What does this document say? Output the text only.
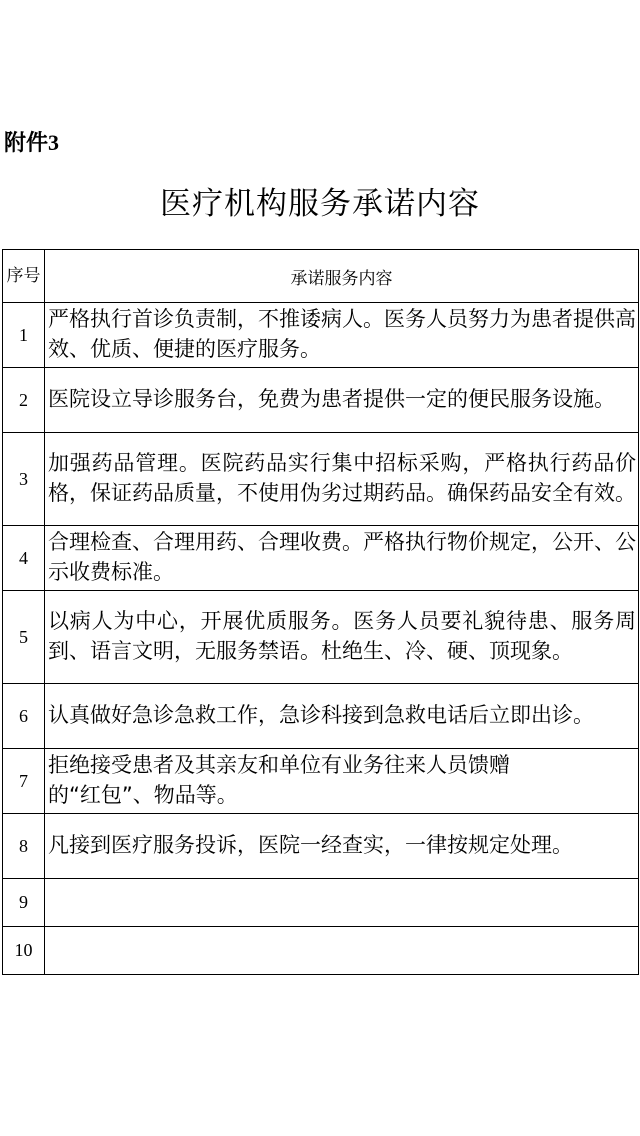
附件3
医疗机构服务承诺内容
序号	承诺服务内容
1	严格执行首诊负责制，不推诿病人。医务人员努力为患者提供高效、优质、便捷的医疗服务。
2	医院设立导诊服务台，免费为患者提供一定的便民服务设施。
3	加强药品管理。医院药品实行集中招标采购，严格执行药品价格，保证药品质量，不使用伪劣过期药品。确保药品安全有效。
4	合理检查、合理用药、合理收费。严格执行物价规定，公开、公示收费标准。
5	以病人为中心，开展优质服务。医务人员要礼貌待患、服务周到、语言文明，无服务禁语。杜绝生、冷、硬、顶现象。
6	认真做好急诊急救工作，急诊科接到急救电话后立即出诊。
7	拒绝接受患者及其亲友和单位有业务往来人员馈赠
的“红包”、物品等。
8	凡接到医疗服务投诉，医院一经查实，一律按规定处理。
9	
10	
